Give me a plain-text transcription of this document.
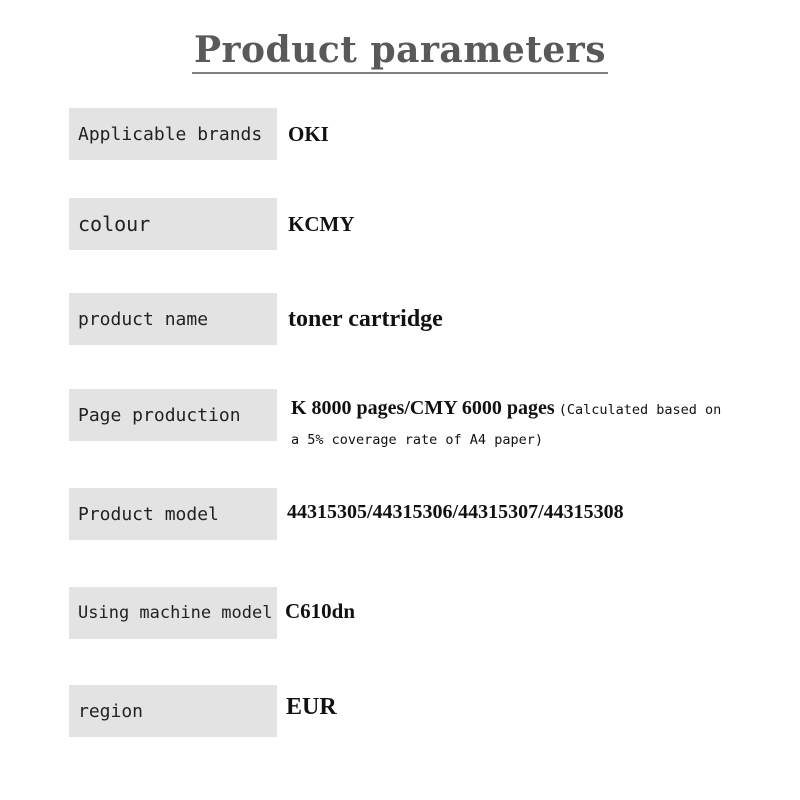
Product parameters
Applicable brands OKI
colour	KCMY
product name	toner cartridge
Page production	K 8000 pages/CMY 6000 pages (Calculated based on
a 5% coverage rate of A4 paper)
Product model	44315305/44315306/44315307/44315308
Using machine model C610dn
region	EUR
